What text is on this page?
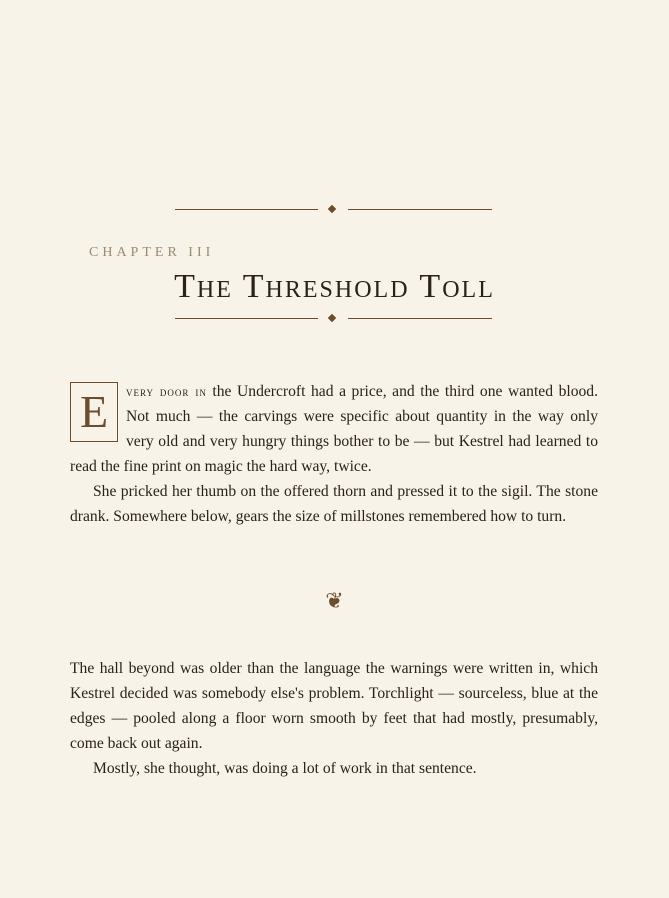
CHAPTER III
The Threshold Toll

E	very door in the Undercroft had a price, and the third one wanted blood. Not much — the carvings were specific about quantity in the way only very old and very hungry things bother to be — but Kestrel had learned to read the fine print on magic the hard way, twice.

She pricked her thumb on the offered thorn and pressed it to the sigil. The stone drank. Somewhere below, gears the size of millstones remembered how to turn.

❦

The hall beyond was older than the language the warnings were written in, which Kestrel decided was somebody else's problem. Torchlight — sourceless, blue at the edges — pooled along a floor worn smooth by feet that had mostly, presumably, come back out again.

Mostly, she thought, was doing a lot of work in that sentence.
